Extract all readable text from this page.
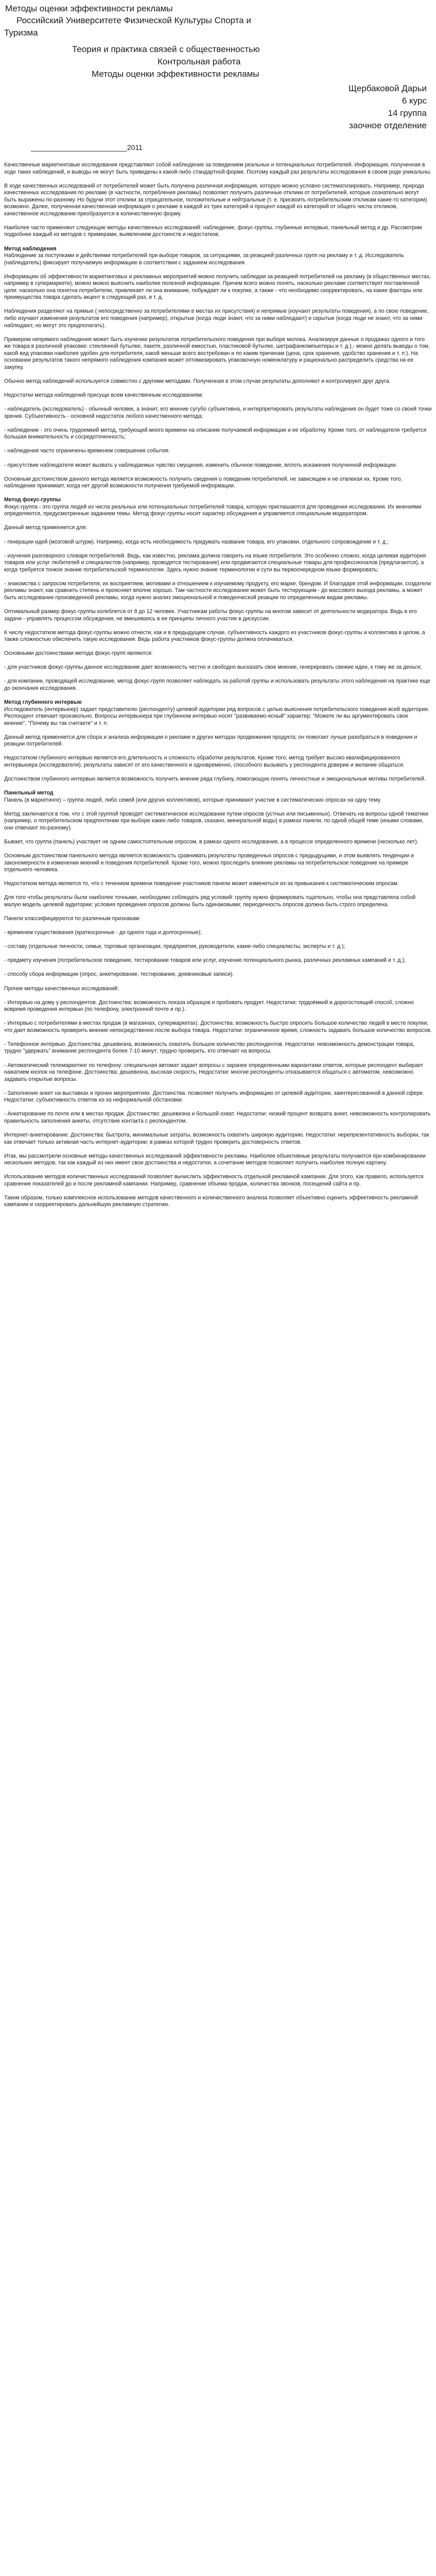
Методы оценки эффективности рекламы
Российский Университете Физической Культуры Спорта и
Туризма
Теория и практика связей с общественностью
Контрольная работа
Методы оценки эффективности рекламы
Щербаковой Дарьи
6 курс
14 группа
заочное отделение
________________________2011

Качественные маркетинговые исследования представляют собой наблюдение за поведением реальных и потенциальных потребителей. Информация, полученная в ходе таких наблюдений, и выводы не могут быть приведены к какой-либо стандартной форме. Поэтому каждый раз результаты исследования в своем роде уникальны.

В ходе качественных исследований от потребителей может быть получена различная информация, которую можно условно систематизировать. Например, природа качественных исследования по рекламе (в частности, потребления рекламы) позволяет получить различные отклики от потребителей, которые сознательно могут быть выражены по-разному. Но будучи этот отклики за отрицательное, положительные и нейтральные (т. е. присвоить потребительским откликам какие-то категории) возможно. Далее, полученная качественная информация о рекламе в каждой из трех категорий и процент каждой из категорий от общего числа откликов, качественное исследование преобразуется в количественную форму.

Наиболее часто применяют следующие методы качественных исследований: наблюдение, фокус-группы, глубинные интервью, панельный метод и др. Рассмотрим подробнее каждый из методов с примерами, выявлением достоинств и недостатков.

Метод наблюдения

Наблюдение за поступками и действиями потребителей при выборе товаров, за ситуациями, за реакцией различных групп на рекламу и т. д. Исследователь (наблюдатель) фиксирует получаемую информацию в соответствии с заданием исследования.

Информацию об эффективности маркетинговых и рекламных мероприятий можно получить наблюдая за реакцией потребителей на рекламу (в общественных местах, например в супермаркете), можно можно выяснить наиболее полезной информации. Причем всего можно понять, насколько рекламе соответствует поставленной цели: насколько она понятна потребителю, привлекает ли она внимание, побуждает ли к покупке, а также - что необходимо скорректировать, на какие факторы или преимущества товара сделать акцент в следующий раз, и т. д.

Наблюдения разделяют на прямые ( непосредственно за потребителями в местах их присутствия) и непрямые (изучают результаты поведения), а по свою поведение, либо изучают изменения результатов его поведения (например), открытые (когда люди знают, что за ними наблюдают) и скрытые (когда люди не знают, что за ними наблюдают, но могут это предполагать).

Примером непрямого наблюдения может быть изучение результатов потребительского поведения при выборе молока. Анализируя данные о продажах одного и того же товара в различной упаковке: стеклянной бутылке, пакете, различной емкостью, пластиковой бутылке, шетрафанкомпьютеры и т. д.),- можно делать выводы о том, какой вид упаковки наиболее удобен для потребителя, какой меньше всего востребован и по каким причинам (цена, срок хранения, удобство хранения и т. п.). На основании результатов такого непрямого наблюдения компания может оптимизировать упаковочную номенклатуру и рационально распределить средства на ее закупку.

Обычно метод наблюдений используется совместно с другими методами. Полученная в этом случае результаты дополняют и контролируют друг друга.

Недостатки метода наблюдений присущи всем качественным исследованиям:

- наблюдатель (исследователь) - обычный человек, а значит, его мнение сугубо субъективна, и интерпретировать результаты наблюдения он будет тоже со своей точки зрения. Субъективность - основной недостаток любого качественного метода;

- наблюдение - это очень трудоемкий метод, требующий много времени на описание получаемой информации и ее обработку. Кроме того, от наблюдателя требуется большая внимательность и сосредоточенность;

- наблюдения часто ограничены временем совершения события.

- присутствие наблюдателя может вызвать у наблюдаемых чувство смущения, изменить обычное поведение, вплоть искажения полученной информации.

Основным достоинством данного метода является возможность получить сведения о поведении потребителей, не зависящем и не отвлекая их. Кроме того, наблюдение принимает, когда нет другой возможности получения требуемой информации.

Метод фокус-группы

Фокус-группа - это группа людей из числа реальных или потенциальных потребителей товара, которую приглашаются для проведения исследования. Их мнениями определяются, предусмотренные заданием темы. Метод фокус-группы носит характер обсуждения и управляется специальным модератором.

Данный метод применяется для:

- генерации идей (мозговой штурм). Например, когда есть необходимость придумать название товара, его упаковки, отдельного сопровождение и т. д.;

- изучения разговорного словаря потребителей. Ведь, как известно, реклама должна говорить на языке потребителя. Это особенно сложно, когда целевая аудитория товаров или услуг любителей и специалистов (например, проводятся тестирование) или продвигаются специальные товары для профессионалов (предлагаются), а когда требуется тонкое знание потребительской терминологии. Здесь нужно знание терминологии и сути вы первоочередном языке формировать;

- знакомства с запросом потребителя, их восприятием, мотивами и отношением к изучаемому продукту, его марке, брендом. И благодаря этой информации, создатели рекламы знают, как сравнить степень и проясняет вполне хорошо. Там частности исследование может быть тестирующим - до массового выхода рекламы, а может быть исследование произведенной рекламы, когда нужно анализ эмоциональной и поведенческой реакции по определенным видам рекламы.

Оптимальный размер фокус-группы колеблется от 8 до 12 человек. Участникам работы фокус-группы на многом зависит от деятельности модератора. Ведь в его задачи - управлять процессом обсуждения, не вмешиваясь в ее принципы личного участия в дискуссии.

К числу недостатков метода фокус-группы можно отнести, как и в предыдущем случае, субъективность каждого из участников фокус-группы и коллектива в целом, а также сложностью обеспечить такую исследования. Ведь работа участников фокус-группы должна оплачиваться.

Основными достоинствами метода фокус-групп являются:

- для участников фокус-группы данное исследование дает возможность честно и свободно высказать свое мнение, генерировать свежие идеи, к тому же за деньги;

- для компании, проводящей исследование, метод фокус-групп позволяет наблюдать за работой группы и использовать результаты этого наблюдения на практике еще до окончания исследования.

Метод глубинного интервью

Исследователь (интервьюер) задает представителю (респонденту) целевой аудитории ряд вопросов с целью выяснения потребительского поведения всей аудитории. Респондент отвечает произвольно. Вопросы интервьюера при глубинном интервью носят "развиваемо-ясный" характер: "Можете ли вы аргументировать свое мнение", "Почему вы так считаете" и т. п.

Данный метод применяется для сбора и анализа информации о рекламе и других методах продвижения продукта; он помогает лучше разобраться в поведении и реакции потребителей.

Недостатком глубинного интервью является его длительность и сложность обработки результатов. Кроме того, метод требует высоко квалифицированного интервьюера (исследователя), результаты зависят от его качественного и одновременно, способного вызывать у респондента доверие и желание общаться.

Достоинством глубинного интервью является возможность получить мнение ряда глубину, помогающую понять личностные и эмоциональные мотивы потребителей.

Панельный метод

Панель (в маркетинге) – группа людей, либо семей (или других коллективов), которые принимают участие в систематических опросах на одну тему.

Метод заключается в том, что с этой группой проводят систематическое исследование путем опросов (устных или письменных). Отвечать на вопросы одной тематики (например, о потребительском предпочтении при выборе каких-либо товаров, сказано, минеральной воды) в рамках панели, по одной общей теме (иными словами, они отвечают по-разному).

Бывает, что группа (панель) участвует не одним самостоятельным опросом, в рамках одного исследования, а в процессе определенного времени (несколько лет).

Основным достоинством панельного метода является возможность сравнивать результаты проведенных опросов с предыдущими, и этом выявлять тенденции и закономерности в изменении мнений и поведения потребителей. Кроме того, можно проследить влияние рекламы на потребительское поведение на примере отдельного человека.

Недостатком метода является то, что с течением времени поведение участников панели может измениться из-за привыкания к систематическим опросам.

Для того чтобы результаты были наиболее точными, необходимо соблюдать ряд условий: группу нужно формировать тщательно, чтобы она представляла собой малую модель целевой аудитории; условия проведения опросов должны быть одинаковыми; периодичность опросов должна быть строго определена.

Панели классифицируются по различным признакам:

- временем существования (краткосрочные - до одного года и долгосрочные);

- составу (отдельные личности, семьи, торговые организации, предприятия, руководители, какие-либо специалисты, эксперты и т. д.);

- предмету изучения (потребительское поведение, тестирование товаров или услуг, изучение потенциального рынка, различных рекламных кампаний и т. д.);

- способу сбора информации (опрос, анкетирование, тестирование, дневниковые записи).

Прочие методы качественных исследований:

- Интервью на дому у респондентов. Достоинства: возможность показа образцов и пробовать продукт. Недостатки: трудоёмкий и дорогостоящий способ, сложно вовремя проведения интервью (по телефону, электронной почте и пр.).

- Интервью с потребителями в местах продаж (в магазинах, супермаркетах). Достоинства: возможность быстро опросить большое количество людей в месте покупки, что дает возможность проверить мнение непосредственно после выбора товара. Недостатки: ограниченное время, сложность задавать большое количество вопросов.

- Телефонное интервью. Достоинства: дешевизна, возможность охватить большое количество респондентов. Недостатки: невозможность демонстрации товара, трудно "удержать" внимание респондента более 7-10 минут; трудно проверить, кто отвечает на вопросы.

- Автоматический телемаркетинг по телефону: специальная автомат задает вопросы с заранее определенными вариантами ответов, которые респондент выбирает нажатием кнопок на телефоне. Достоинства: дешевизна, высокая скорость, Недостатки: многие респонденты отказываются общаться с автоматом, невозможно задавать открытые вопросы.

- Заполнение анкет на выставках и прочих мероприятиях. Достоинства: позволяет получить информацию от целевой аудитории, заинтересованной в данной сфере. Недостатки: субъективность ответов из-за неформальной обстановки.

- Анкетирование по почте или в местах продаж. Достоинство: дешевизна и большой охват. Недостатки: низкий процент возврата анкет, невозможность контролировать правильность заполнения анкеты, отсутствие контакта с респондентом.

Интернет-анкетирование. Достоинства: быстрота, минимальные затраты, возможность охватить широкую аудиторию. Недостатки: нерепрезентативность выборки, так как отвечает только активная часть интернет-аудитории; в рамках которой трудно проверить достоверность ответов.

Итак, мы рассмотрели основные методы качественных исследований эффективности рекламы. Наиболее объективные результаты получаются при комбинировании нескольких методов, так как каждый из них имеет свои достоинства и недостатки, а сочетание методов позволяет получить наиболее полную картину.

Использование методов количественных исследований позволяет вычислить эффективность отдельной рекламной кампании. Для этого, как правило, используется сравнение показателей до и после рекламной кампании. Например, сравнение объема продаж, количества звонков, посещений сайта и пр.

Таким образом, только комплексное использование методов качественного и количественного анализа позволяет объективно оценить эффективность рекламной кампании и скорректировать дальнейшую рекламную стратегию.
